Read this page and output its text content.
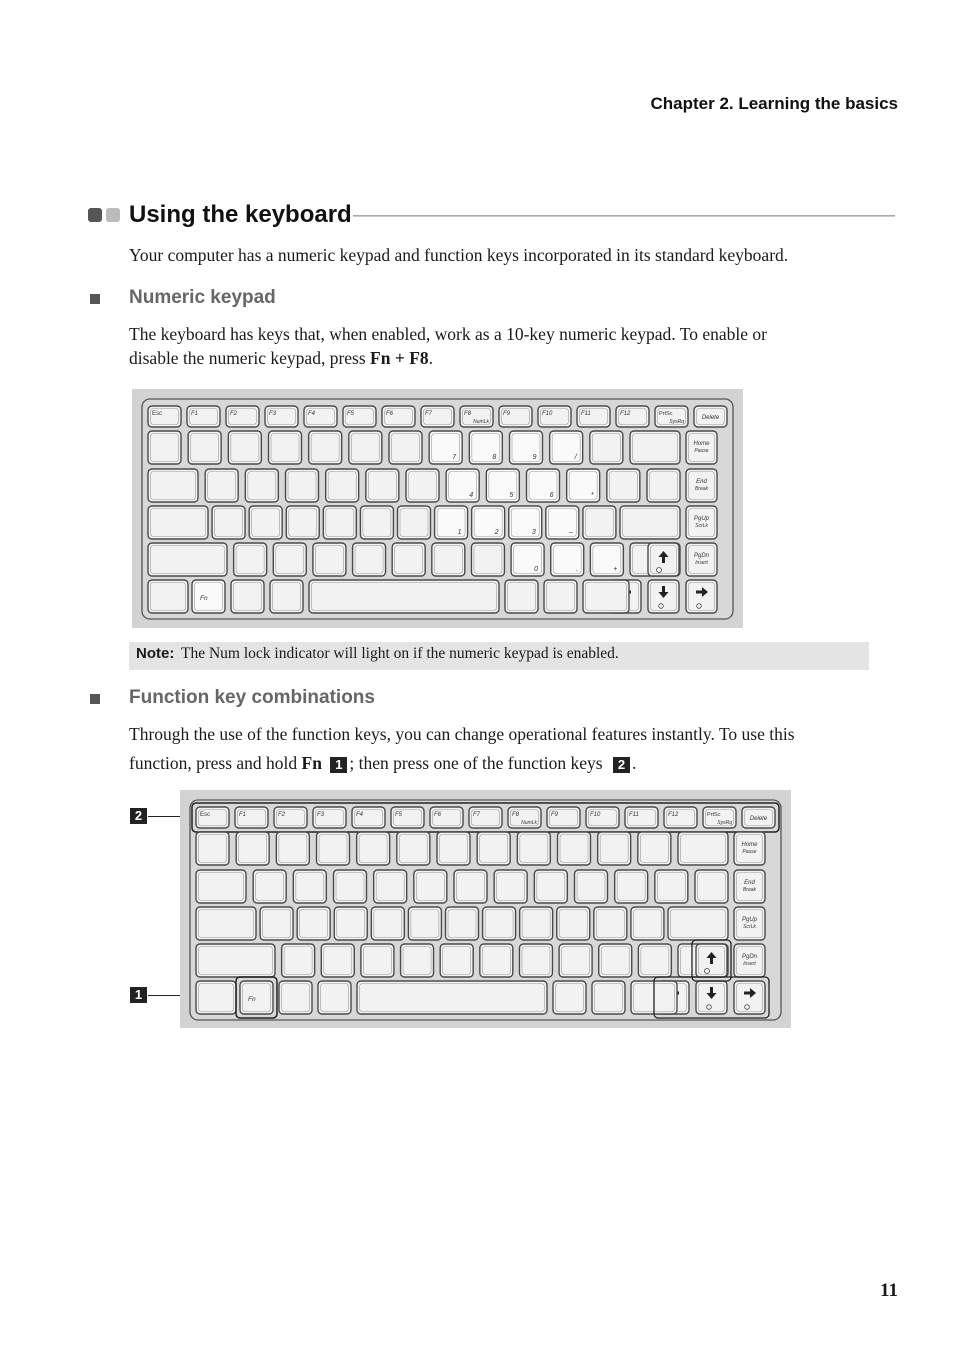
Chapter 2. Learning the basics
Using the keyboard
Your computer has a numeric keypad and function keys incorporated in its standard keyboard.
Numeric keypad
The keyboard has keys that, when enabled, work as a 10-key numeric keypad. To enable or
disable the numeric keypad, press Fn + F8.
Esc	F1	F2	F3	F4	F5	F6	F7	F8
NumLk
F9	F10	F11	F12	PrtSc
SysRq
Delete
7	8	9	/
4	5	6	*
1	2	3	–
0	.	+
Home
Pause
End
Break
PgUp
ScrLk
PgDn
Insert
Fn
Note: The Num lock indicator will light on if the numeric keypad is enabled.
Function key combinations
Through the use of the function keys, you can change operational features instantly. To use this
function, press and hold Fn 1 ; then press one of the function keys 2 .
2
1
Esc	F1	F2	F3	F4	F5	F6	F7	F8
NumLk
F9	F10	F11	F12	PrtSc
SysRq
Delete
Home
Pause
End
Break
PgUp
ScrLk
PgDn
Insert
Fn
11
